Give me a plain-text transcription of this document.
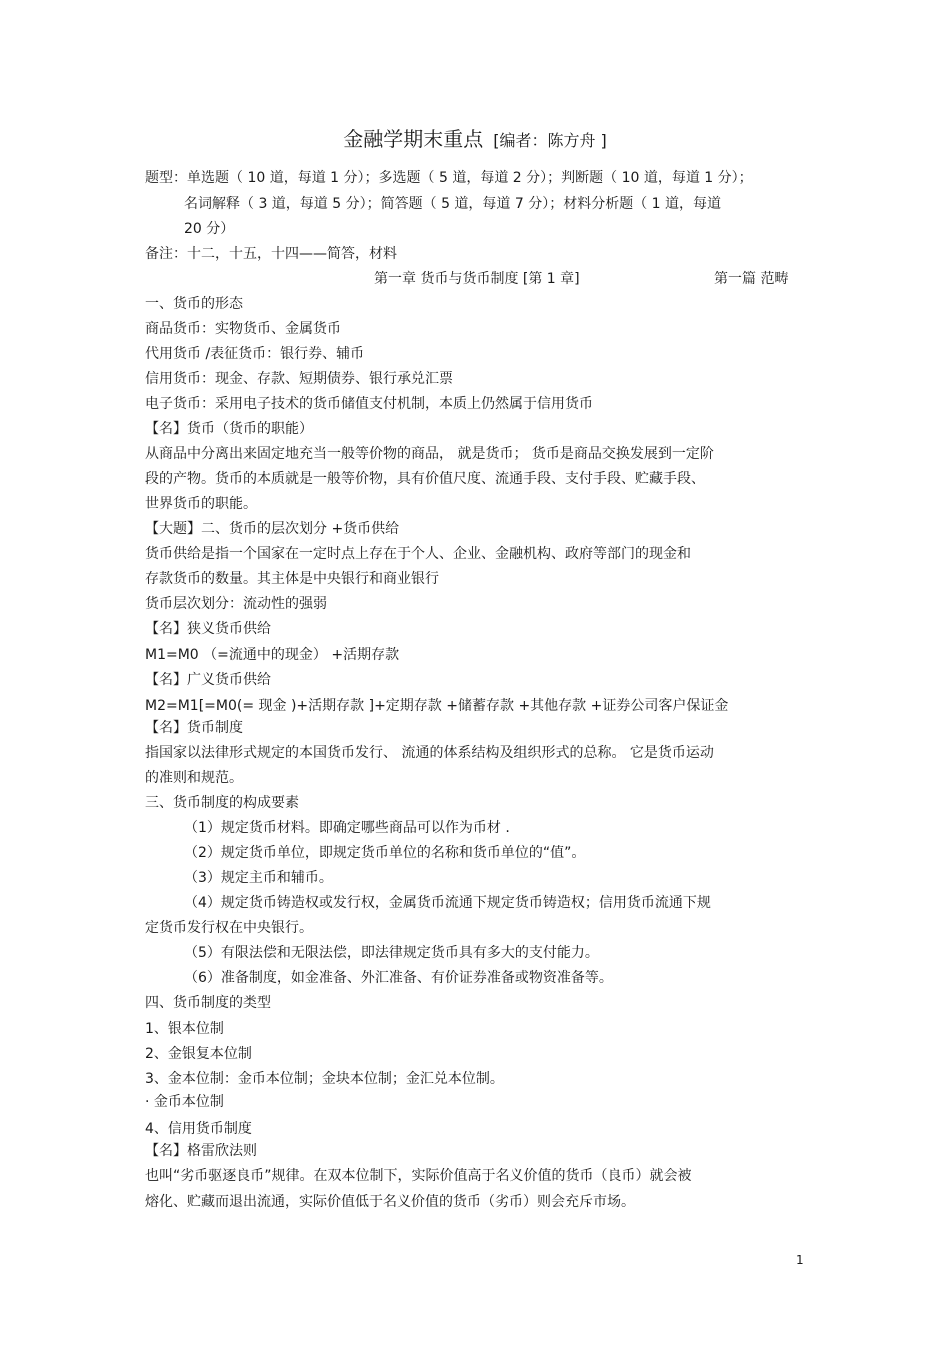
金融学期末重点 [编者：陈方舟 ]
题型：单选题（ 10 道，每道 1 分）；多选题（ 5 道，每道 2 分）；判断题（ 10 道，每道 1 分）；
名词解释（ 3 道，每道 5 分）；简答题（ 5 道，每道 7 分）；材料分析题（ 1 道，每道
20 分）
备注：十二，十五，十四——简答，材料
第一章 货币与货币制度 [第 1 章]	第一篇 范畴
一、货币的形态
商品货币：实物货币、金属货币
代用货币 /表征货币：银行券、辅币
信用货币：现金、存款、短期债券、银行承兑汇票
电子货币：采用电子技术的货币储值支付机制，本质上仍然属于信用货币
【名】货币（货币的职能）
从商品中分离出来固定地充当一般等价物的商品， 就是货币； 货币是商品交换发展到一定阶
段的产物。货币的本质就是一般等价物，具有价值尺度、流通手段、支付手段、贮藏手段、
世界货币的职能。
【大题】二、货币的层次划分 +货币供给
货币供给是指一个国家在一定时点上存在于个人、企业、金融机构、政府等部门的现金和
存款货币的数量。其主体是中央银行和商业银行
货币层次划分：流动性的强弱
【名】狭义货币供给
M1=M0 （=流通中的现金） +活期存款
【名】广义货币供给
M2=M1[=M0(= 现金 )+活期存款 ]+定期存款 +储蓄存款 +其他存款 +证券公司客户保证金
【名】货币制度
指国家以法律形式规定的本国货币发行、 流通的体系结构及组织形式的总称。 它是货币运动
的准则和规范。
三、货币制度的构成要素
（1）规定货币材料。即确定哪些商品可以作为币材 .
（2）规定货币单位，即规定货币单位的名称和货币单位的“值”。
（3）规定主币和辅币。
（4）规定货币铸造权或发行权，金属货币流通下规定货币铸造权；信用货币流通下规
定货币发行权在中央银行。
（5）有限法偿和无限法偿，即法律规定货币具有多大的支付能力。
（6）准备制度，如金准备、外汇准备、有价证券准备或物资准备等。
四、货币制度的类型
1、银本位制
2、金银复本位制
3、金本位制：金币本位制；金块本位制；金汇兑本位制。
· 金币本位制
4、信用货币制度
【名】格雷欣法则
也叫“劣币驱逐良币”规律。在双本位制下，实际价值高于名义价值的货币（良币）就会被
熔化、贮藏而退出流通，实际价值低于名义价值的货币（劣币）则会充斥市场。
1
